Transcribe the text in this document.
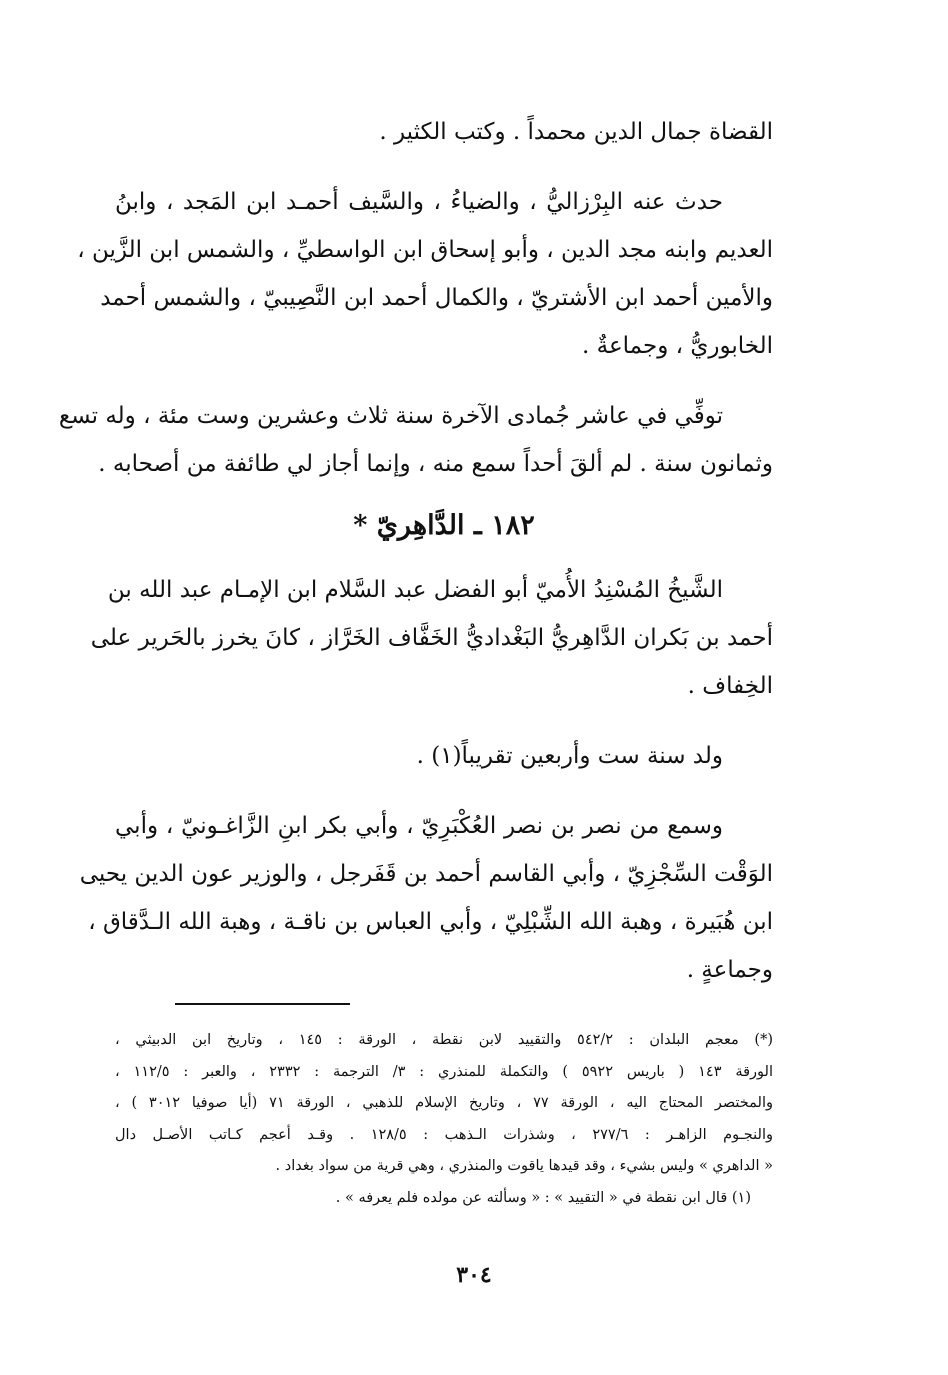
القضاة جمال الدين محمداً . وكتب الكثير .
حدث عنه البِرْزاليُّ ، والضياءُ ، والسَّيف أحمـد ابن المَجد ، وابنُ
العديم وابنه مجد الدين ، وأبو إسحاق ابن الواسطيِّ ، والشمس ابن الزَّين ،
والأمين أحمد ابن الأشتريّ ، والكمال أحمد ابن النَّصِيبيّ ، والشمس أحمد
الخابوريُّ ، وجماعةٌ .
توفِّي في عاشر جُمادى الآخرة سنة ثلاث وعشرين وست مئة ، وله تسع
وثمانون سنة . لم ألقَ أحداً سمع منه ، وإنما أجاز لي طائفة من أصحابه .
١٨٢ ـ الدَّاهِريّ *
الشَّيخُ المُسْنِدُ الأُميّ أبو الفضل عبد السَّلام ابن الإمـام عبد الله بن
أحمد بن بَكران الدَّاهِريُّ البَغْداديُّ الخَفَّاف الخَرَّاز ، كانَ يخرز بالحَرير على
الخِفاف .
ولد سنة ست وأربعين تقريباً(١) .
وسمع من نصر بن نصر العُكْبَرِيّ ، وأبي بكر ابنِ الزَّاغـونيّ ، وأبي
الوَقْت السِّجْزِيّ ، وأبي القاسم أحمد بن قَفَرجل ، والوزير عون الدين يحيى
ابن هُبَيرة ، وهبة الله الشِّبْلِيّ ، وأبي العباس بن ناقـة ، وهبة الله الـدَّقاق ،
وجماعةٍ .
(*) معجم البلدان : ٥٤٢/٢ والتقييد لابن نقطة ، الورقة : ١٤٥ ، وتاريخ ابن الدبيثي ،
الورقة ١٤٣ ( باريس ٥٩٢٢ ) والتكملة للمنذري : ٣/ الترجمة : ٢٣٣٢ ، والعبر : ١١٢/٥ ،
والمختصر المحتاج اليه ، الورقة ٧٧ ، وتاريخ الإسلام للذهبي ، الورقة ٧١ (أيا صوفيا ٣٠١٢ ) ،
والنجـوم الزاهـر : ٢٧٧/٦ ، وشذرات الـذهب : ١٢٨/٥ . وقـد أعجم كـاتب الأصـل دال
« الداهري » وليس بشيء ، وقد قيدها ياقوت والمنذري ، وهي قرية من سواد بغداد .
(١) قال ابن نقطة في « التقييد » : « وسألته عن مولده فلم يعرفه » .
٣٠٤
